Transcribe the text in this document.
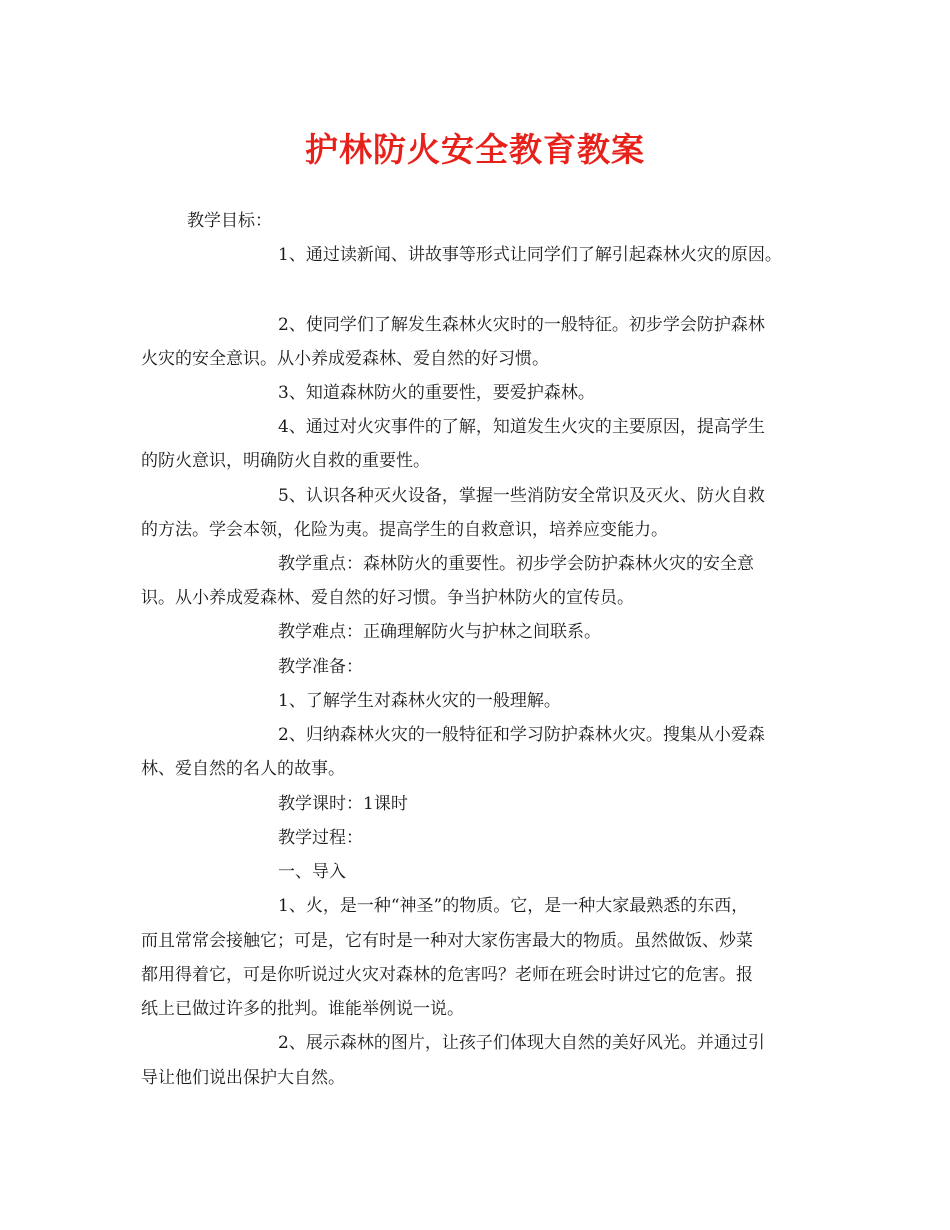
护林防火安全教育教案
教学目标：
1、通过读新闻、讲故事等形式让同学们了解引起森林火灾的原因。
2、使同学们了解发生森林火灾时的一般特征。初步学会防护森林
火灾的安全意识。从小养成爱森林、爱自然的好习惯。
3、知道森林防火的重要性，要爱护森林。
4、通过对火灾事件的了解，知道发生火灾的主要原因，提高学生
的防火意识，明确防火自救的重要性。
5、认识各种灭火设备，掌握一些消防安全常识及灭火、防火自救
的方法。学会本领，化险为夷。提高学生的自救意识，培养应变能力。
教学重点：森林防火的重要性。初步学会防护森林火灾的安全意
识。从小养成爱森林、爱自然的好习惯。争当护林防火的宣传员。
教学难点：正确理解防火与护林之间联系。
教学准备：
1、了解学生对森林火灾的一般理解。
2、归纳森林火灾的一般特征和学习防护森林火灾。搜集从小爱森
林、爱自然的名人的故事。
教学课时：1课时
教学过程：
一、导入
1、火，是一种“神圣”的物质。它，是一种大家最熟悉的东西，
而且常常会接触它；可是，它有时是一种对大家伤害最大的物质。虽然做饭、炒菜
都用得着它，可是你听说过火灾对森林的危害吗？老师在班会时讲过它的危害。报
纸上已做过许多的批判。谁能举例说一说。
2、展示森林的图片，让孩子们体现大自然的美好风光。并通过引
导让他们说出保护大自然。
